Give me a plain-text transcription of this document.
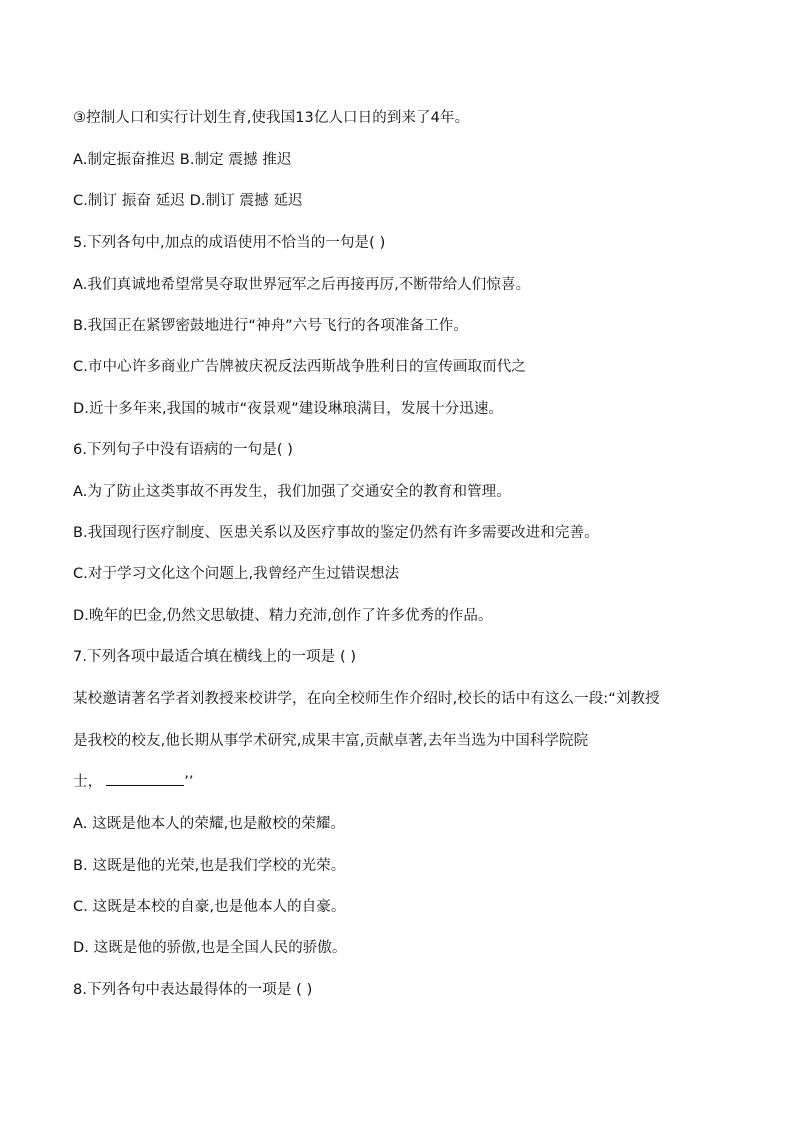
③控制人口和实行计划生育,使我国13亿人口日的到来了4年。
A.制定振奋推迟 B.制定 震撼 推迟
C.制订 振奋 延迟 D.制订 震撼 延迟
5.下列各句中,加点的成语使用不恰当的一句是( )
A.我们真诚地希望常昊夺取世界冠军之后再接再厉,不断带给人们惊喜。
B.我国正在紧锣密鼓地进行“神舟”六号飞行的各项准备工作。
C.市中心许多商业广告牌被庆祝反法西斯战争胜利日的宣传画取而代之
D.近十多年来,我国的城市“夜景观”建设琳琅满目，发展十分迅速。
6.下列句子中没有语病的一句是( )
A.为了防止这类事故不再发生，我们加强了交通安全的教育和管理。
B.我国现行医疗制度、医患关系以及医疗事故的鉴定仍然有许多需要改进和完善。
C.对于学习文化这个问题上,我曾经产生过错误想法
D.晚年的巴金,仍然文思敏捷、精力充沛,创作了许多优秀的作品。
7.下列各项中最适合填在横线上的一项是 ( )
某校邀请著名学者刘教授来校讲学，在向全校师生作介绍时,校长的话中有这么一段:“刘教授
是我校的校友,他长期从事学术研究,成果丰富,贡献卓著,去年当选为中国科学院院
士，	’’
A. 这既是他本人的荣耀,也是敝校的荣耀。
B. 这既是他的光荣,也是我们学校的光荣。
C. 这既是本校的自豪,也是他本人的自豪。
D. 这既是他的骄傲,也是全国人民的骄傲。
8.下列各句中表达最得体的一项是 ( )
